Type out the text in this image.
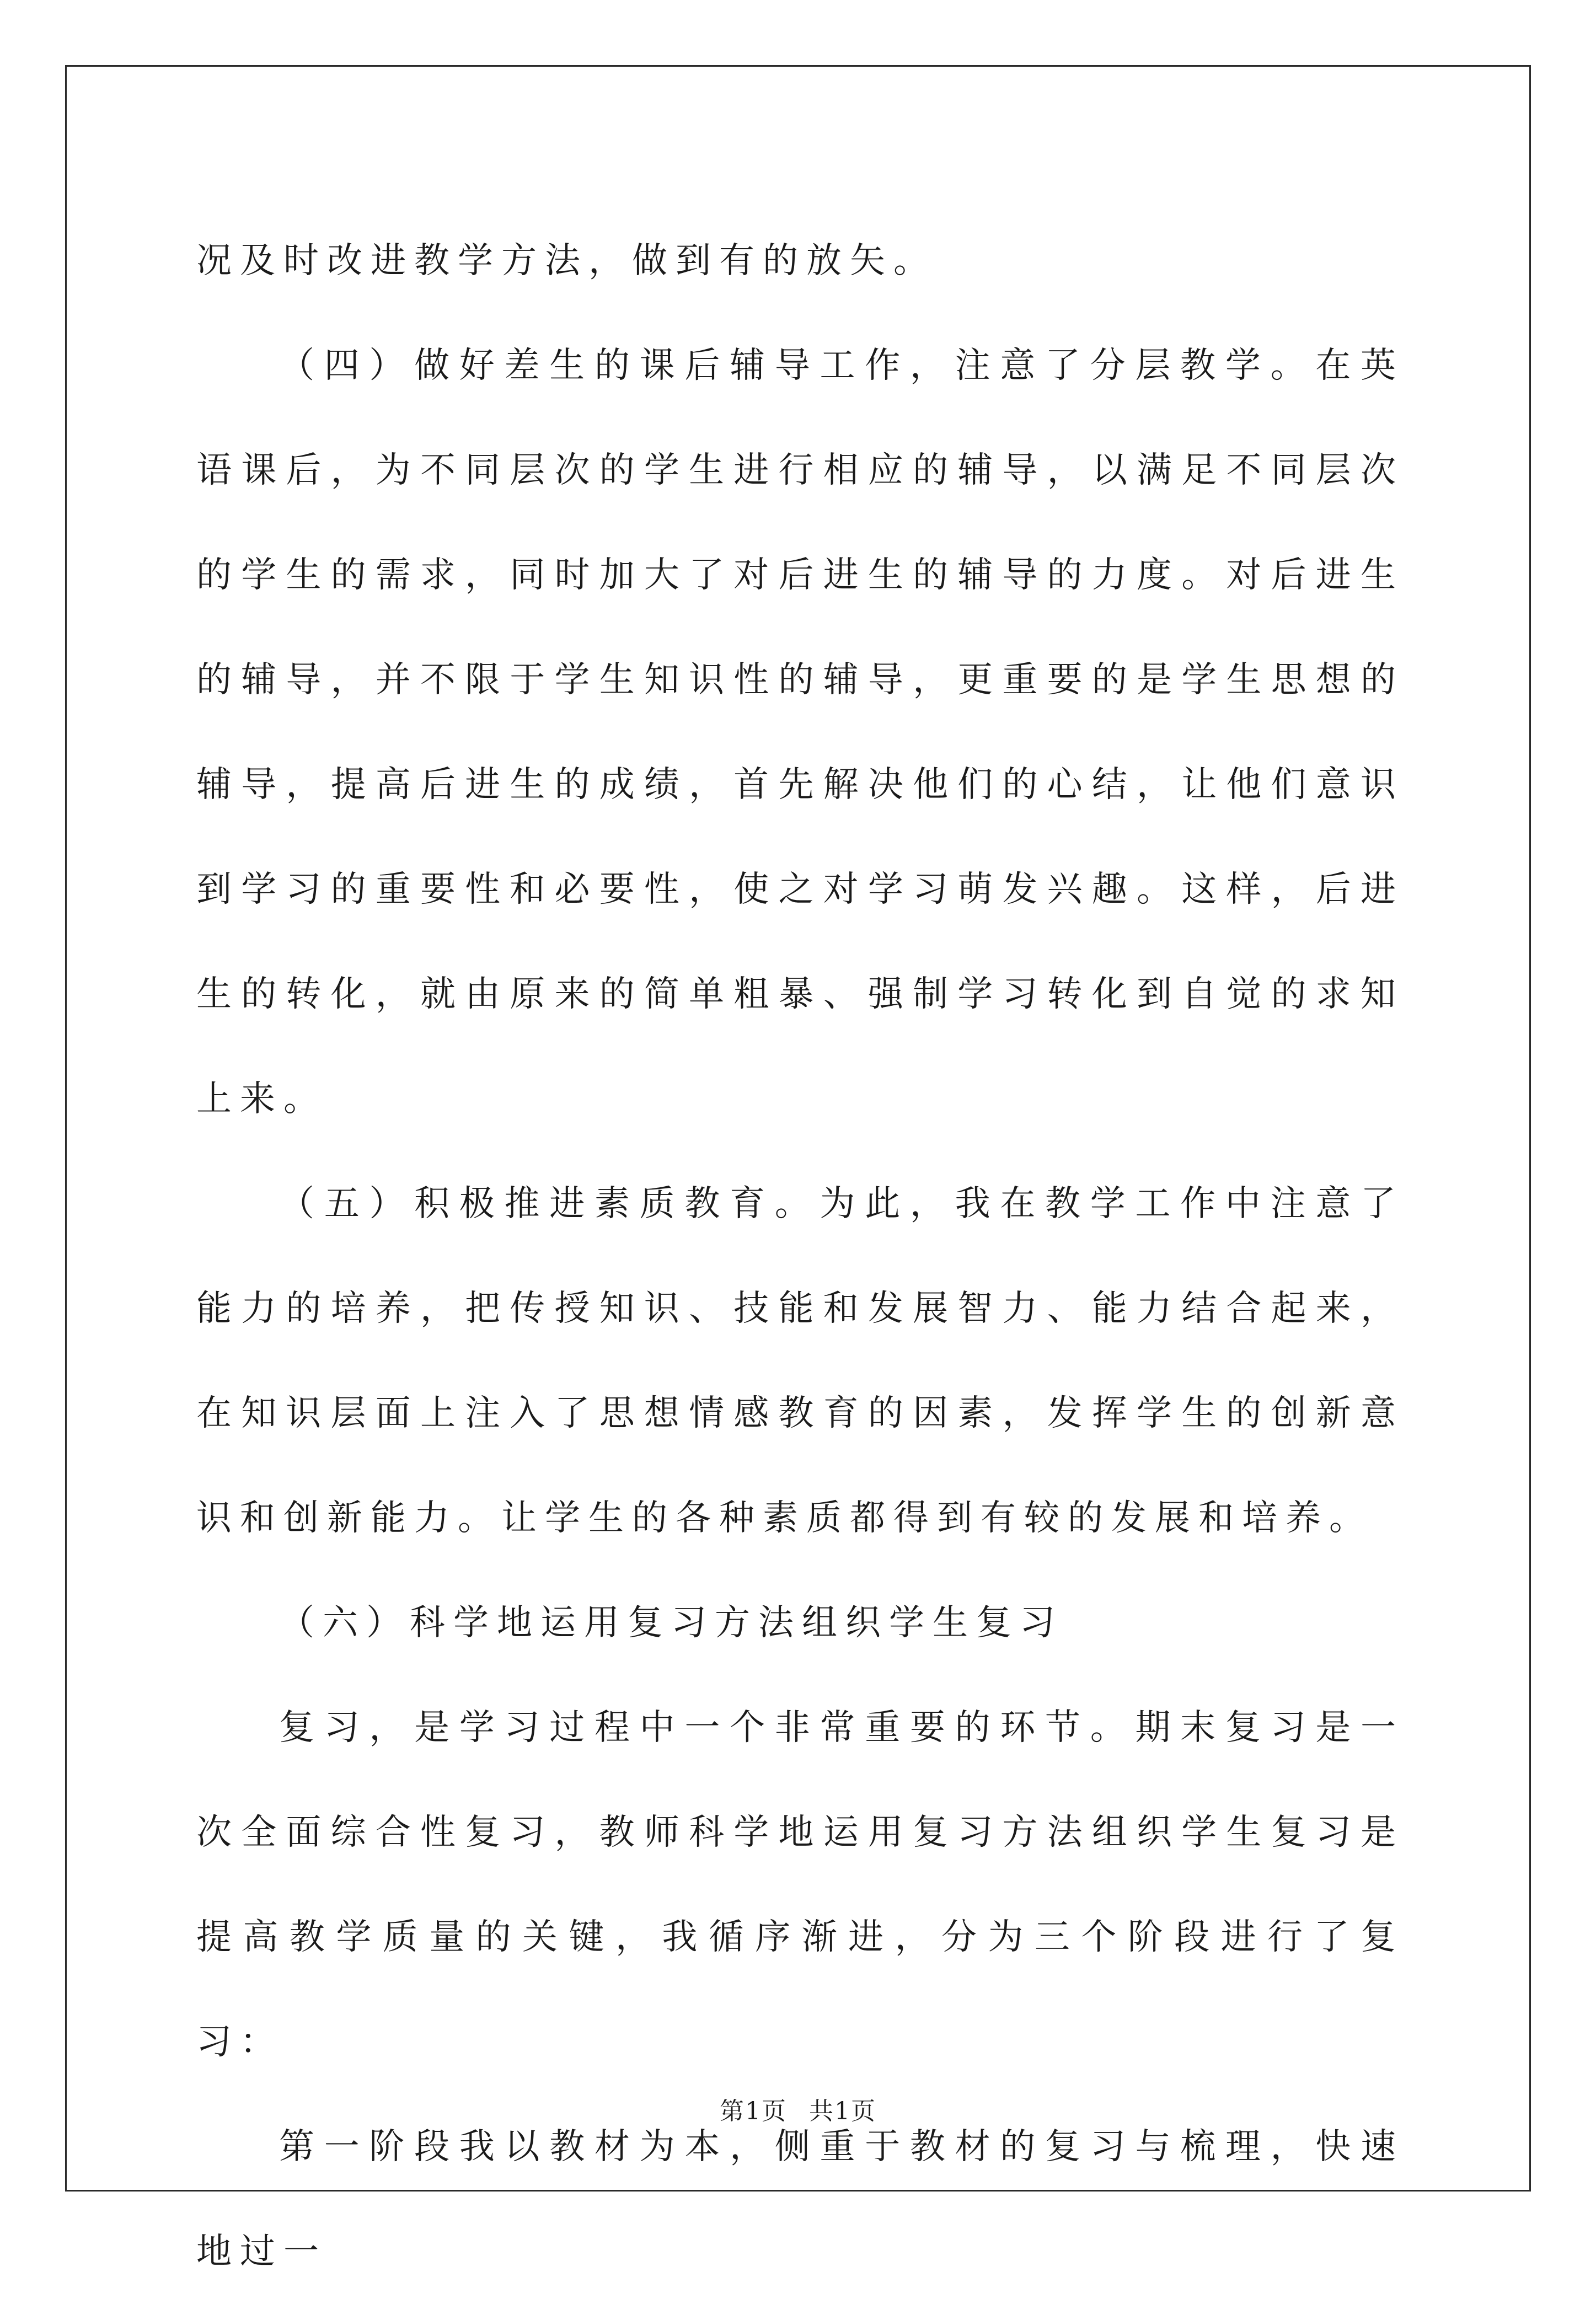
况及时改进教学方法，做到有的放矢。

（四）做好差生的课后辅导工作，注意了分层教学。在英语课后，为不同层次的学生进行相应的辅导，以满足不同层次的学生的需求，同时加大了对后进生的辅导的力度。对后进生的辅导，并不限于学生知识性的辅导，更重要的是学生思想的辅导，提高后进生的成绩，首先解决他们的心结，让他们意识到学习的重要性和必要性，使之对学习萌发兴趣。这样，后进生的转化，就由原来的简单粗暴、强制学习转化到自觉的求知上来。

（五）积极推进素质教育。为此，我在教学工作中注意了能力的培养，把传授知识、技能和发展智力、能力结合起来，在知识层面上注入了思想情感教育的因素，发挥学生的创新意识和创新能力。让学生的各种素质都得到有较的发展和培养。

（六）科学地运用复习方法组织学生复习

复习，是学习过程中一个非常重要的环节。期末复习是一次全面综合性复习，教师科学地运用复习方法组织学生复习是提高教学质量的关键，我循序渐进，分为三个阶段进行了复习：

第一阶段我以教材为本，侧重于教材的复习与梳理，快速地过一

第1页 共1页
